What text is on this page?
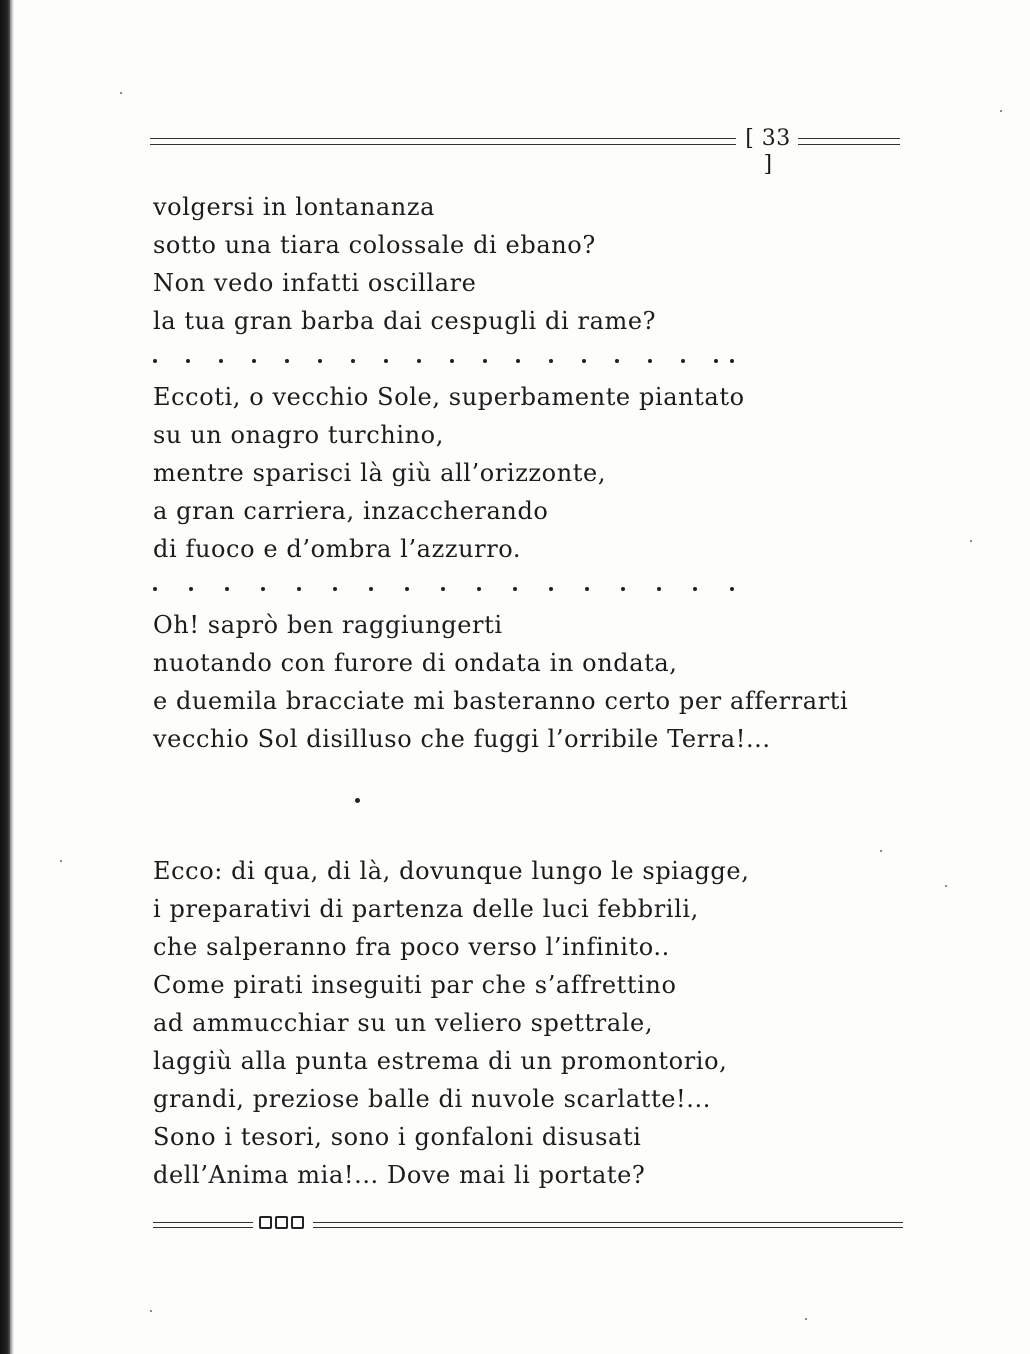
[ 33 ]
volgersi in lontananza
sotto una tiara colossale di ebano?
Non vedo infatti oscillare
la tua gran barba dai cespugli di rame?
Eccoti, o vecchio Sole, superbamente piantato
su un onagro turchino,
mentre sparisci là giù all’orizzonte,
a gran carriera, inzaccherando
di fuoco e d’ombra l’azzurro.
Oh! saprò ben raggiungerti
nuotando con furore di ondata in ondata,
e duemila bracciate mi basteranno certo per afferrarti
vecchio Sol disilluso che fuggi l’orribile Terra!...
Ecco: di qua, di là, dovunque lungo le spiagge,
i preparativi di partenza delle luci febbrili,
che salperanno fra poco verso l’infinito..
Come pirati inseguiti par che s’affrettino
ad ammucchiar su un veliero spettrale,
laggiù alla punta estrema di un promontorio,
grandi, preziose balle di nuvole scarlatte!...
Sono i tesori, sono i gonfaloni disusati
dell’Anima mia!... Dove mai li portate?
